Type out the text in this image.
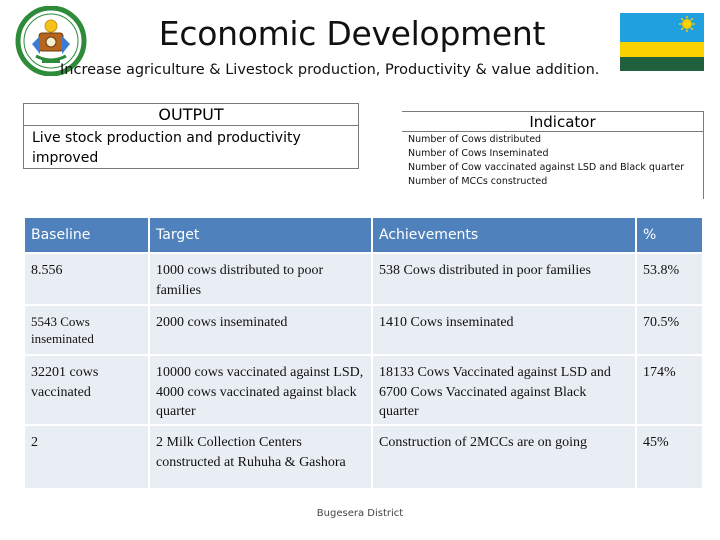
Economic Development
Increase agriculture & Livestock production, Productivity & value addition.
OUTPUT
Live stock production and productivity
improved
Indicator
Number of Cows distributed
Number of Cows Inseminated
Number of Cow vaccinated against LSD and Black quarter
Number of MCCs constructed
Baseline	Target	Achievements	%
8.556	1000 cows distributed to poor families	538 Cows distributed in poor families	53.8%
5543 Cows inseminated	2000 cows inseminated	1410 Cows inseminated	70.5%
32201 cows vaccinated	10000 cows vaccinated against LSD, 4000 cows vaccinated against black quarter	18133 Cows Vaccinated against LSD and 6700 Cows Vaccinated against Black quarter	174%
2	2 Milk Collection Centers constructed at Ruhuha & Gashora	Construction of 2MCCs are on going	45%
Bugesera District
